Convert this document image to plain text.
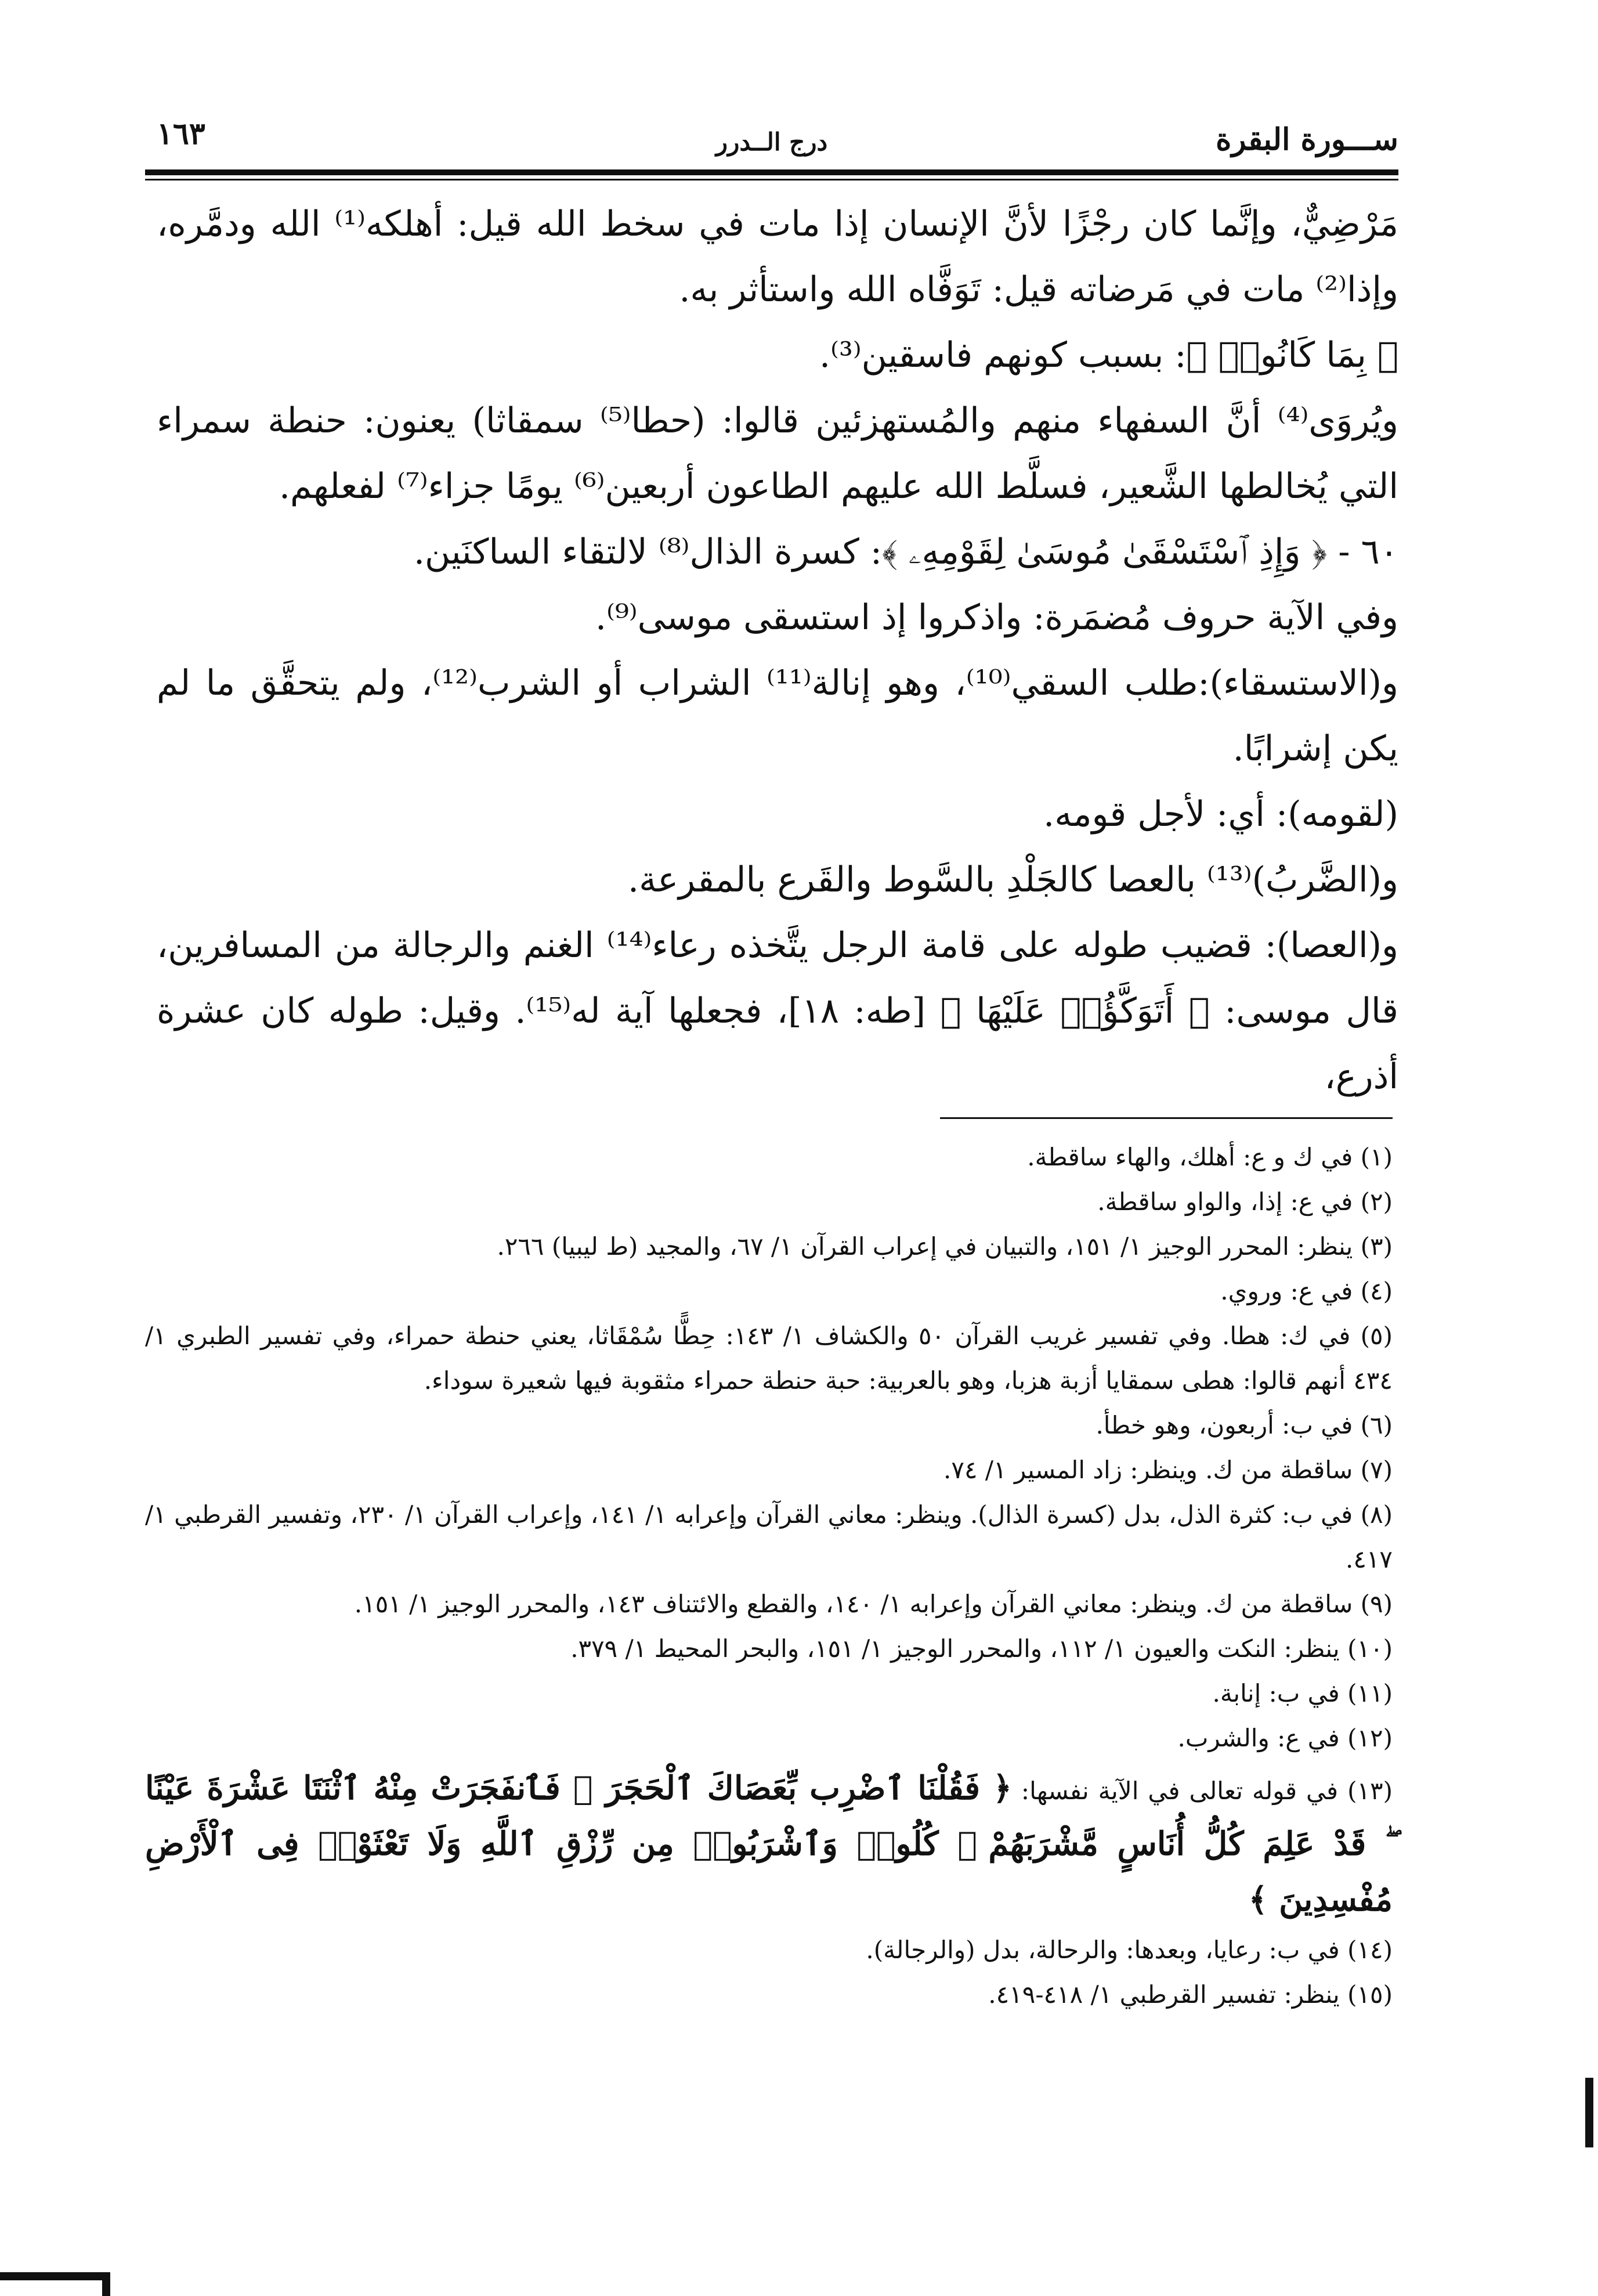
ســـورة البقرة
درج الــدرر
١٦٣

مَرْضِيٌّ، وإنَّما كان رجْزًا لأنَّ الإنسان إذا مات في سخط الله قيل: أهلكه⁽¹⁾ الله ودمَّره، وإذا⁽²⁾ مات في مَرضاته قيل: تَوَفَّاه الله واستأثر به.

﴿ بِمَا كَانُوا۟ ﴾: بسبب كونهم فاسقين⁽³⁾.

ويُروَى⁽⁴⁾ أنَّ السفهاء منهم والمُستهزئين قالوا: (حطا⁽⁵⁾ سمقاثا) يعنون: حنطة سمراء التي يُخالطها الشَّعير، فسلَّط الله عليهم الطاعون أربعين⁽⁶⁾ يومًا جزاء⁽⁷⁾ لفعلهم.

٦٠ - ﴿ وَإِذِ ٱسْتَسْقَىٰ مُوسَىٰ لِقَوْمِهِۦ ﴾: كسرة الذال⁽⁸⁾ لالتقاء الساكنَين.

وفي الآية حروف مُضمَرة: واذكروا إذ استسقى موسى⁽⁹⁾.

و(الاستسقاء):طلب السقي⁽¹⁰⁾، وهو إنالة⁽¹¹⁾ الشراب أو الشرب⁽¹²⁾، ولم يتحقَّق ما لم يكن إشرابًا.

(لقومه): أي: لأجل قومه.

و(الضَّربُ)⁽¹³⁾ بالعصا كالجَلْدِ بالسَّوط والقَرع بالمقرعة.

و(العصا): قضيب طوله على قامة الرجل يتَّخذه رعاء⁽¹⁴⁾ الغنم والرجالة من المسافرين، قال موسى: ﴿ أَتَوَكَّؤُا۟ عَلَيْهَا ﴾ [طه: ١٨]، فجعلها آية له⁽¹⁵⁾. وقيل: طوله كان عشرة أذرع،

(١) في ك و ع: أهلك، والهاء ساقطة.

(٢) في ع: إذا، والواو ساقطة.

(٣) ينظر: المحرر الوجيز ١/ ١٥١، والتبيان في إعراب القرآن ١/ ٦٧، والمجيد (ط ليبيا) ٢٦٦.

(٤) في ع: وروي.

(٥) في ك: هطا. وفي تفسير غريب القرآن ٥٠ والكشاف ١/ ١٤٣: حِطًّا سُمْقَاثا، يعني حنطة حمراء، وفي تفسير الطبري ١/ ٤٣٤ أنهم قالوا: هطى سمقايا أزبة هزبا، وهو بالعربية: حبة حنطة حمراء مثقوبة فيها شعيرة سوداء.

(٦) في ب: أربعون، وهو خطأ.

(٧) ساقطة من ك. وينظر: زاد المسير ١/ ٧٤.

(٨) في ب: كثرة الذل، بدل (كسرة الذال). وينظر: معاني القرآن وإعرابه ١/ ١٤١، وإعراب القرآن ١/ ٢٣٠، وتفسير القرطبي ١/ ٤١٧.

(٩) ساقطة من ك. وينظر: معاني القرآن وإعرابه ١/ ١٤٠، والقطع والائتناف ١٤٣، والمحرر الوجيز ١/ ١٥١.

(١٠) ينظر: النكت والعيون ١/ ١١٢، والمحرر الوجيز ١/ ١٥١، والبحر المحيط ١/ ٣٧٩.

(١١) في ب: إنابة.

(١٢) في ع: والشرب.

(١٣) في قوله تعالى في الآية نفسها: ﴿ فَقُلْنَا ٱضْرِب بِّعَصَاكَ ٱلْحَجَرَ ۖ فَٱنفَجَرَتْ مِنْهُ ٱثْنَتَا عَشْرَةَ عَيْنًا ۖ قَدْ عَلِمَ كُلُّ أُنَاسٍ مَّشْرَبَهُمْ ۖ كُلُوا۟ وَٱشْرَبُوا۟ مِن رِّزْقِ ٱللَّهِ وَلَا تَعْثَوْا۟ فِى ٱلْأَرْضِ مُفْسِدِينَ ﴾

(١٤) في ب: رعايا، وبعدها: والرحالة، بدل (والرجالة).

(١٥) ينظر: تفسير القرطبي ١/ ٤١٨-٤١٩.
